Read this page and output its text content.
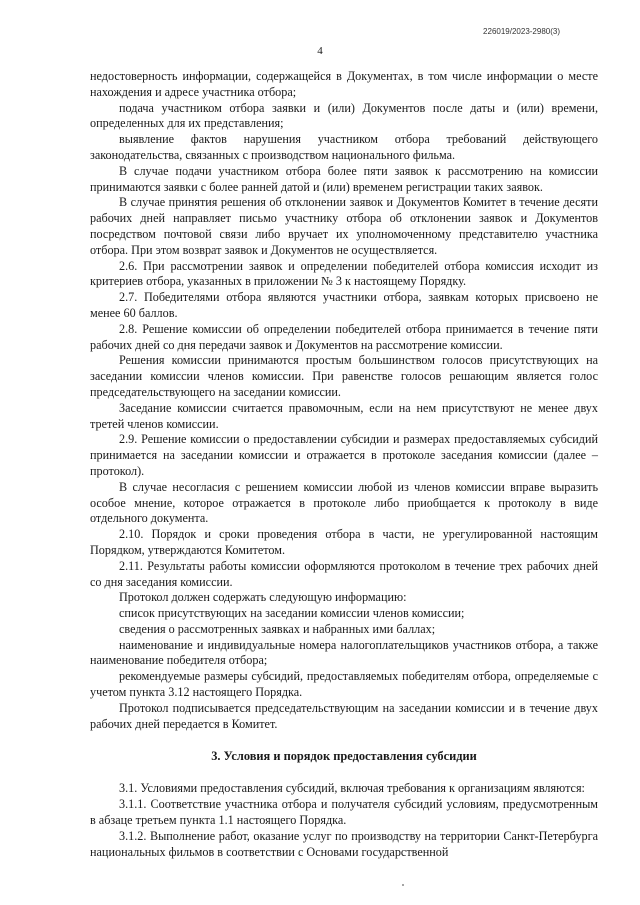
226019/2023-2980(3)
4

недостоверность информации, содержащейся в Документах, в том числе информации о месте нахождения и адресе участника отбора;

подача участником отбора заявки и (или) Документов после даты и (или) времени, определенных для их представления;

выявление фактов нарушения участником отбора требований действующего законодательства, связанных с производством национального фильма.

В случае подачи участником отбора более пяти заявок к рассмотрению на комиссии принимаются заявки с более ранней датой и (или) временем регистрации таких заявок.

В случае принятия решения об отклонении заявок и Документов Комитет в течение десяти рабочих дней направляет письмо участнику отбора об отклонении заявок и Документов посредством почтовой связи либо вручает их уполномоченному представителю участника отбора. При этом возврат заявок и Документов не осуществляется.

2.6. При рассмотрении заявок и определении победителей отбора комиссия исходит из критериев отбора, указанных в приложении № 3 к настоящему Порядку.

2.7. Победителями отбора являются участники отбора, заявкам которых присвоено не менее 60 баллов.

2.8. Решение комиссии об определении победителей отбора принимается в течение пяти рабочих дней со дня передачи заявок и Документов на рассмотрение комиссии.

Решения комиссии принимаются простым большинством голосов присутствующих на заседании комиссии членов комиссии. При равенстве голосов решающим является голос председательствующего на заседании комиссии.

Заседание комиссии считается правомочным, если на нем присутствуют не менее двух третей членов комиссии.

2.9. Решение комиссии о предоставлении субсидии и размерах предоставляемых субсидий принимается на заседании комиссии и отражается в протоколе заседания комиссии (далее – протокол).

В случае несогласия с решением комиссии любой из членов комиссии вправе выразить особое мнение, которое отражается в протоколе либо приобщается к протоколу в виде отдельного документа.

2.10. Порядок и сроки проведения отбора в части, не урегулированной настоящим Порядком, утверждаются Комитетом.

2.11. Результаты работы комиссии оформляются протоколом в течение трех рабочих дней со дня заседания комиссии.

Протокол должен содержать следующую информацию:

список присутствующих на заседании комиссии членов комиссии;

сведения о рассмотренных заявках и набранных ими баллах;

наименование и индивидуальные номера налогоплательщиков участников отбора, а также наименование победителя отбора;

рекомендуемые размеры субсидий, предоставляемых победителям отбора, определяемые с учетом пункта 3.12 настоящего Порядка.

Протокол подписывается председательствующим на заседании комиссии и в течение двух рабочих дней передается в Комитет.

3. Условия и порядок предоставления субсидии

3.1. Условиями предоставления субсидий, включая требования к организациям являются:

3.1.1. Соответствие участника отбора и получателя субсидий условиям, предусмотренным в абзаце третьем пункта 1.1 настоящего Порядка.

3.1.2. Выполнение работ, оказание услуг по производству на территории Санкт-Петербурга национальных фильмов в соответствии с Основами государственной
